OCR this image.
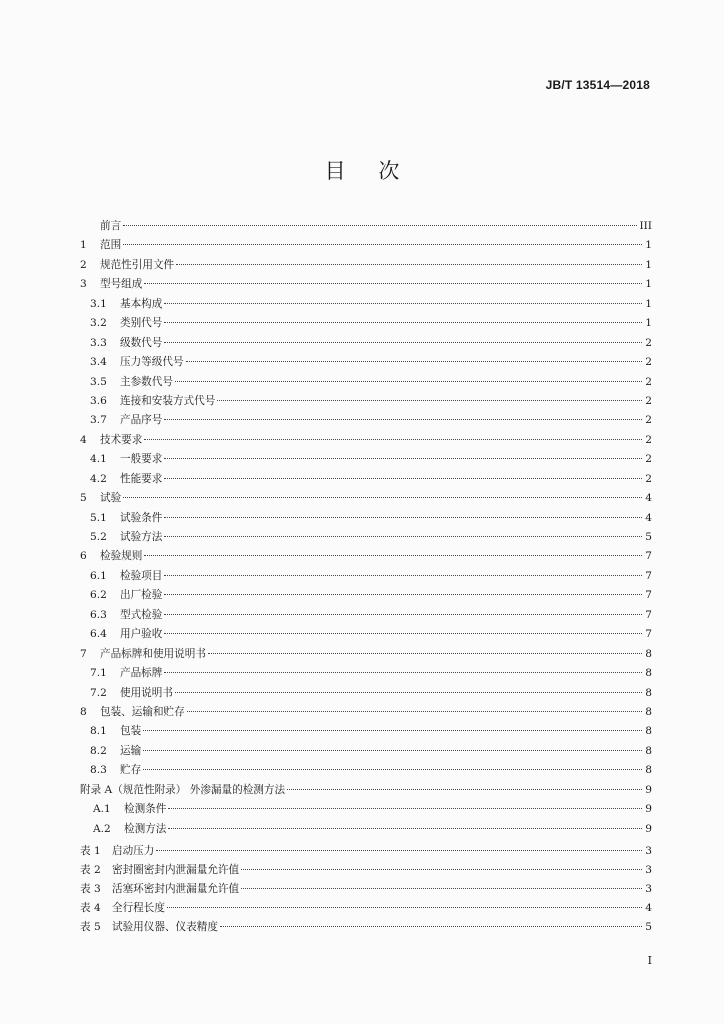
JB/T 13514—2018
目 次
前言	III
1	范围	1
2	规范性引用文件	1
3	型号组成	1
3.1	基本构成	1
3.2	类别代号	1
3.3	级数代号	2
3.4	压力等级代号	2
3.5	主参数代号	2
3.6	连接和安装方式代号	2
3.7	产品序号	2
4	技术要求	2
4.1	一般要求	2
4.2	性能要求	2
5	试验	4
5.1	试验条件	4
5.2	试验方法	5
6	检验规则	7
6.1	检验项目	7
6.2	出厂检验	7
6.3	型式检验	7
6.4	用户验收	7
7	产品标牌和使用说明书	8
7.1	产品标牌	8
7.2	使用说明书	8
8	包装、运输和贮存	8
8.1	包装	8
8.2	运输	8
8.3	贮存	8
附录 A（规范性附录） 外渗漏量的检测方法	9
A.1	检测条件	9
A.2	检测方法	9
表 1	启动压力	3
表 2	密封圈密封内泄漏量允许值	3
表 3	活塞环密封内泄漏量允许值	3
表 4	全行程长度	4
表 5	试验用仪器、仪表精度	5
I
